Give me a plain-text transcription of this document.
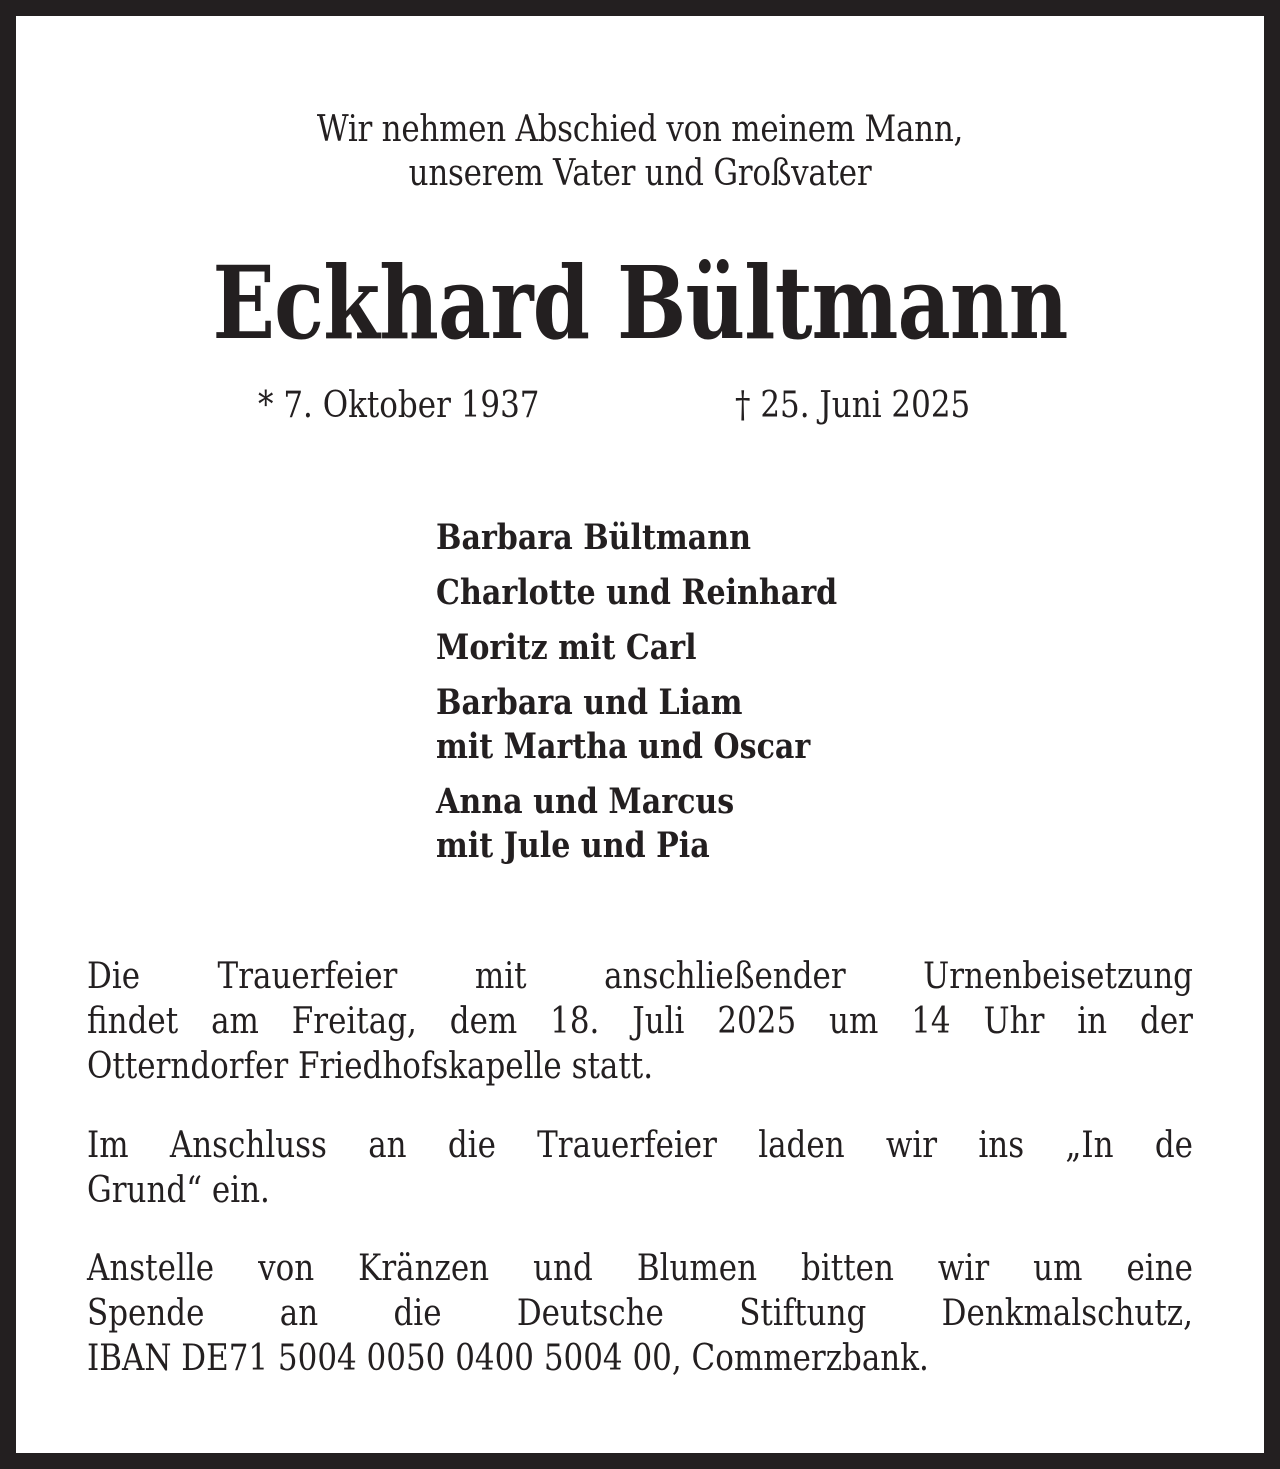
Wir nehmen Abschied von meinem Mann,
unserem Vater und Großvater
Eckhard Bültmann
* 7. Oktober 1937	† 25. Juni 2025
Barbara Bültmann
Charlotte und Reinhard
Moritz mit Carl
Barbara und Liam
mit Martha und Oscar
Anna und Marcus
mit Jule und Pia
Die Trauerfeier mit anschließender Urnenbeisetzung
findet am Freitag, dem 18. Juli 2025 um 14 Uhr in der
Otterndorfer Friedhofskapelle statt.
Im Anschluss an die Trauerfeier laden wir ins „In de
Grund“ ein.
Anstelle von Kränzen und Blumen bitten wir um eine
Spende an die Deutsche Stiftung Denkmalschutz,
IBAN DE71 5004 0050 0400 5004 00, Commerzbank.
